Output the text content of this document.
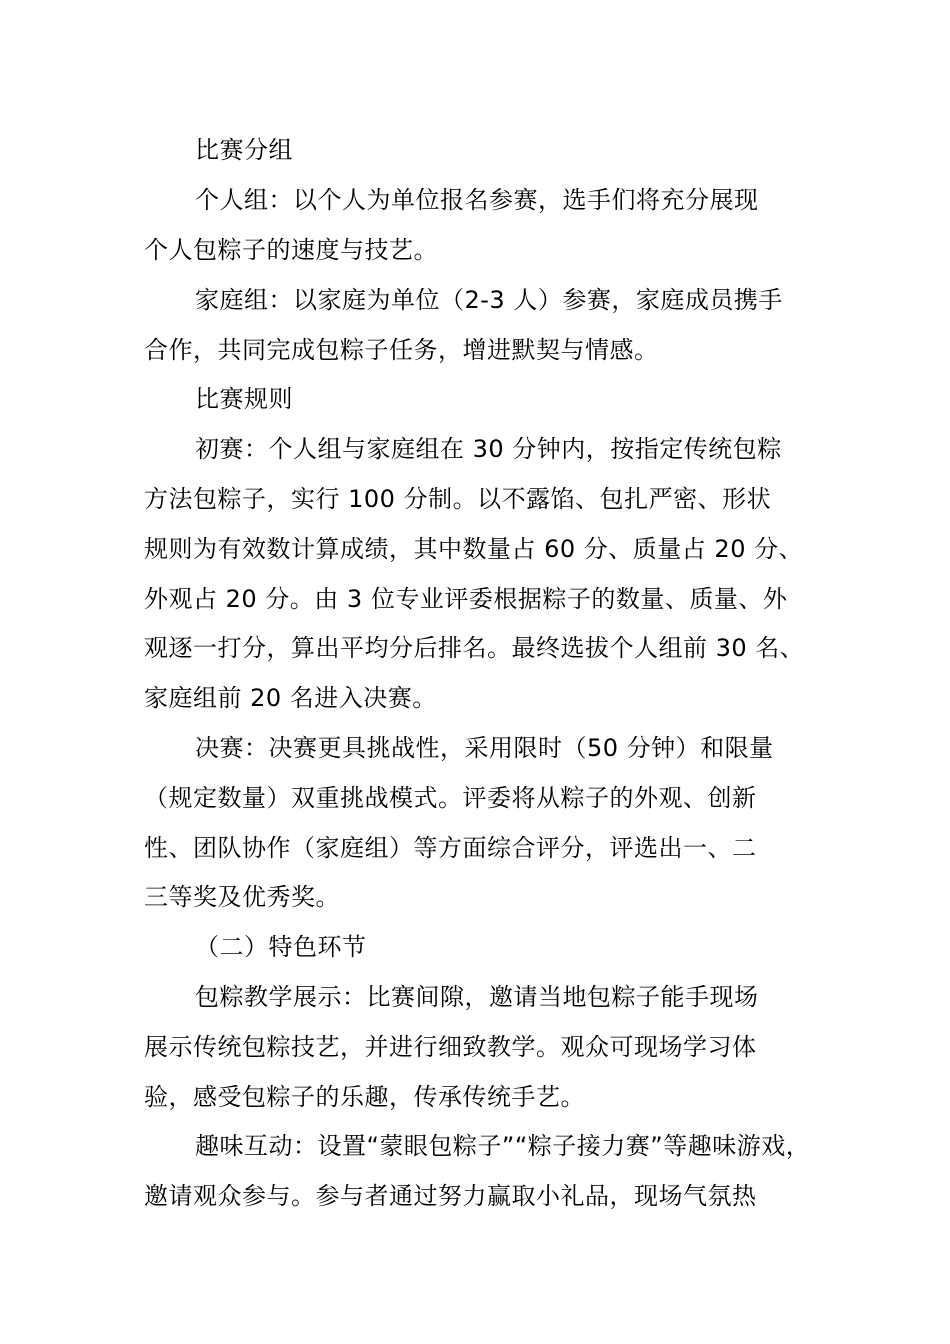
比赛分组
个人组：以个人为单位报名参赛，选手们将充分展现
个人包粽子的速度与技艺。
家庭组：以家庭为单位（2-3 人）参赛，家庭成员携手
合作，共同完成包粽子任务，增进默契与情感。
比赛规则
初赛：个人组与家庭组在 30 分钟内，按指定传统包粽
方法包粽子，实行 100 分制。以不露馅、包扎严密、形状
规则为有效数计算成绩，其中数量占 60 分、质量占 20 分、
外观占 20 分。由 3 位专业评委根据粽子的数量、质量、外
观逐一打分，算出平均分后排名。最终选拔个人组前 30 名、
家庭组前 20 名进入决赛。
决赛：决赛更具挑战性，采用限时（50 分钟）和限量
（规定数量）双重挑战模式。评委将从粽子的外观、创新
性、团队协作（家庭组）等方面综合评分，评选出一、二
三等奖及优秀奖。
（二）特色环节
包粽教学展示：比赛间隙，邀请当地包粽子能手现场
展示传统包粽技艺，并进行细致教学。观众可现场学习体
验，感受包粽子的乐趣，传承传统手艺。
趣味互动：设置“蒙眼包粽子”“粽子接力赛”等趣味游戏，
邀请观众参与。参与者通过努力赢取小礼品，现场气氛热
